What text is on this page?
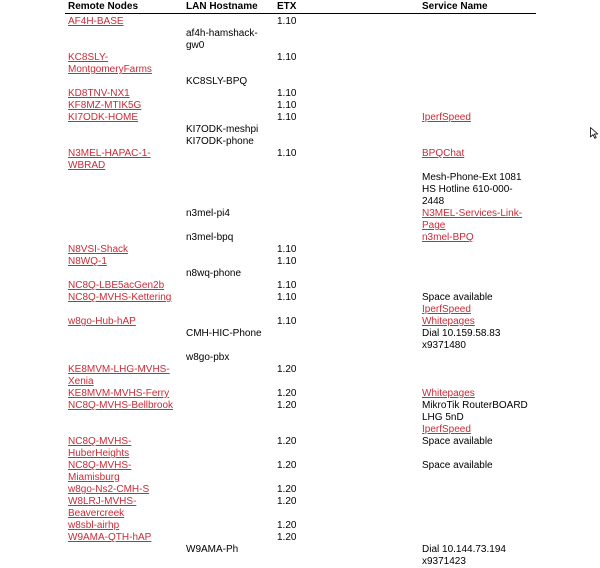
Remote Nodes	LAN Hostname	ETX	Service Name
AF4H-BASE		1.10	
	af4h-hamshack-gw0		
KC8SLY-MontgomeryFarms		1.10	
	KC8SLY-BPQ		
KD8TNV-NX1		1.10	
KF8MZ-MTIK5G		1.10	
KI7ODK-HOME		1.10	IperfSpeed
	KI7ODK-meshpi		
	KI7ODK-phone		
N3MEL-HAPAC-1-WBRAD		1.10	BPQChat
			Mesh-Phone-Ext 1081
			HS Hotline 610-000-2448
	n3mel-pi4		N3MEL-Services-Link-Page
	n3mel-bpq		n3mel-BPQ
N8VSI-Shack		1.10	
N8WQ-1		1.10	
	n8wq-phone		
NC8Q-LBE5acGen2b		1.10	
NC8Q-MVHS-Kettering		1.10	Space available
			IperfSpeed
w8go-Hub-hAP		1.10	Whitepages
	CMH-HIC-Phone		Dial 10.159.58.83 x9371480
	w8go-pbx		
KE8MVM-LHG-MVHS-Xenia		1.20	
KE8MVM-MVHS-Ferry		1.20	Whitepages
NC8Q-MVHS-Bellbrook		1.20	MikroTik RouterBOARD LHG 5nD
			IperfSpeed
NC8Q-MVHS-HuberHeights		1.20	Space available
NC8Q-MVHS-Miamisburg		1.20	Space available
w8go-Ns2-CMH-S		1.20	
W8LRJ-MVHS-Beavercreek		1.20	
w8sbl-airhp		1.20	
W9AMA-QTH-hAP		1.20	
	W9AMA-Ph		Dial 10.144.73.194 x9371423
